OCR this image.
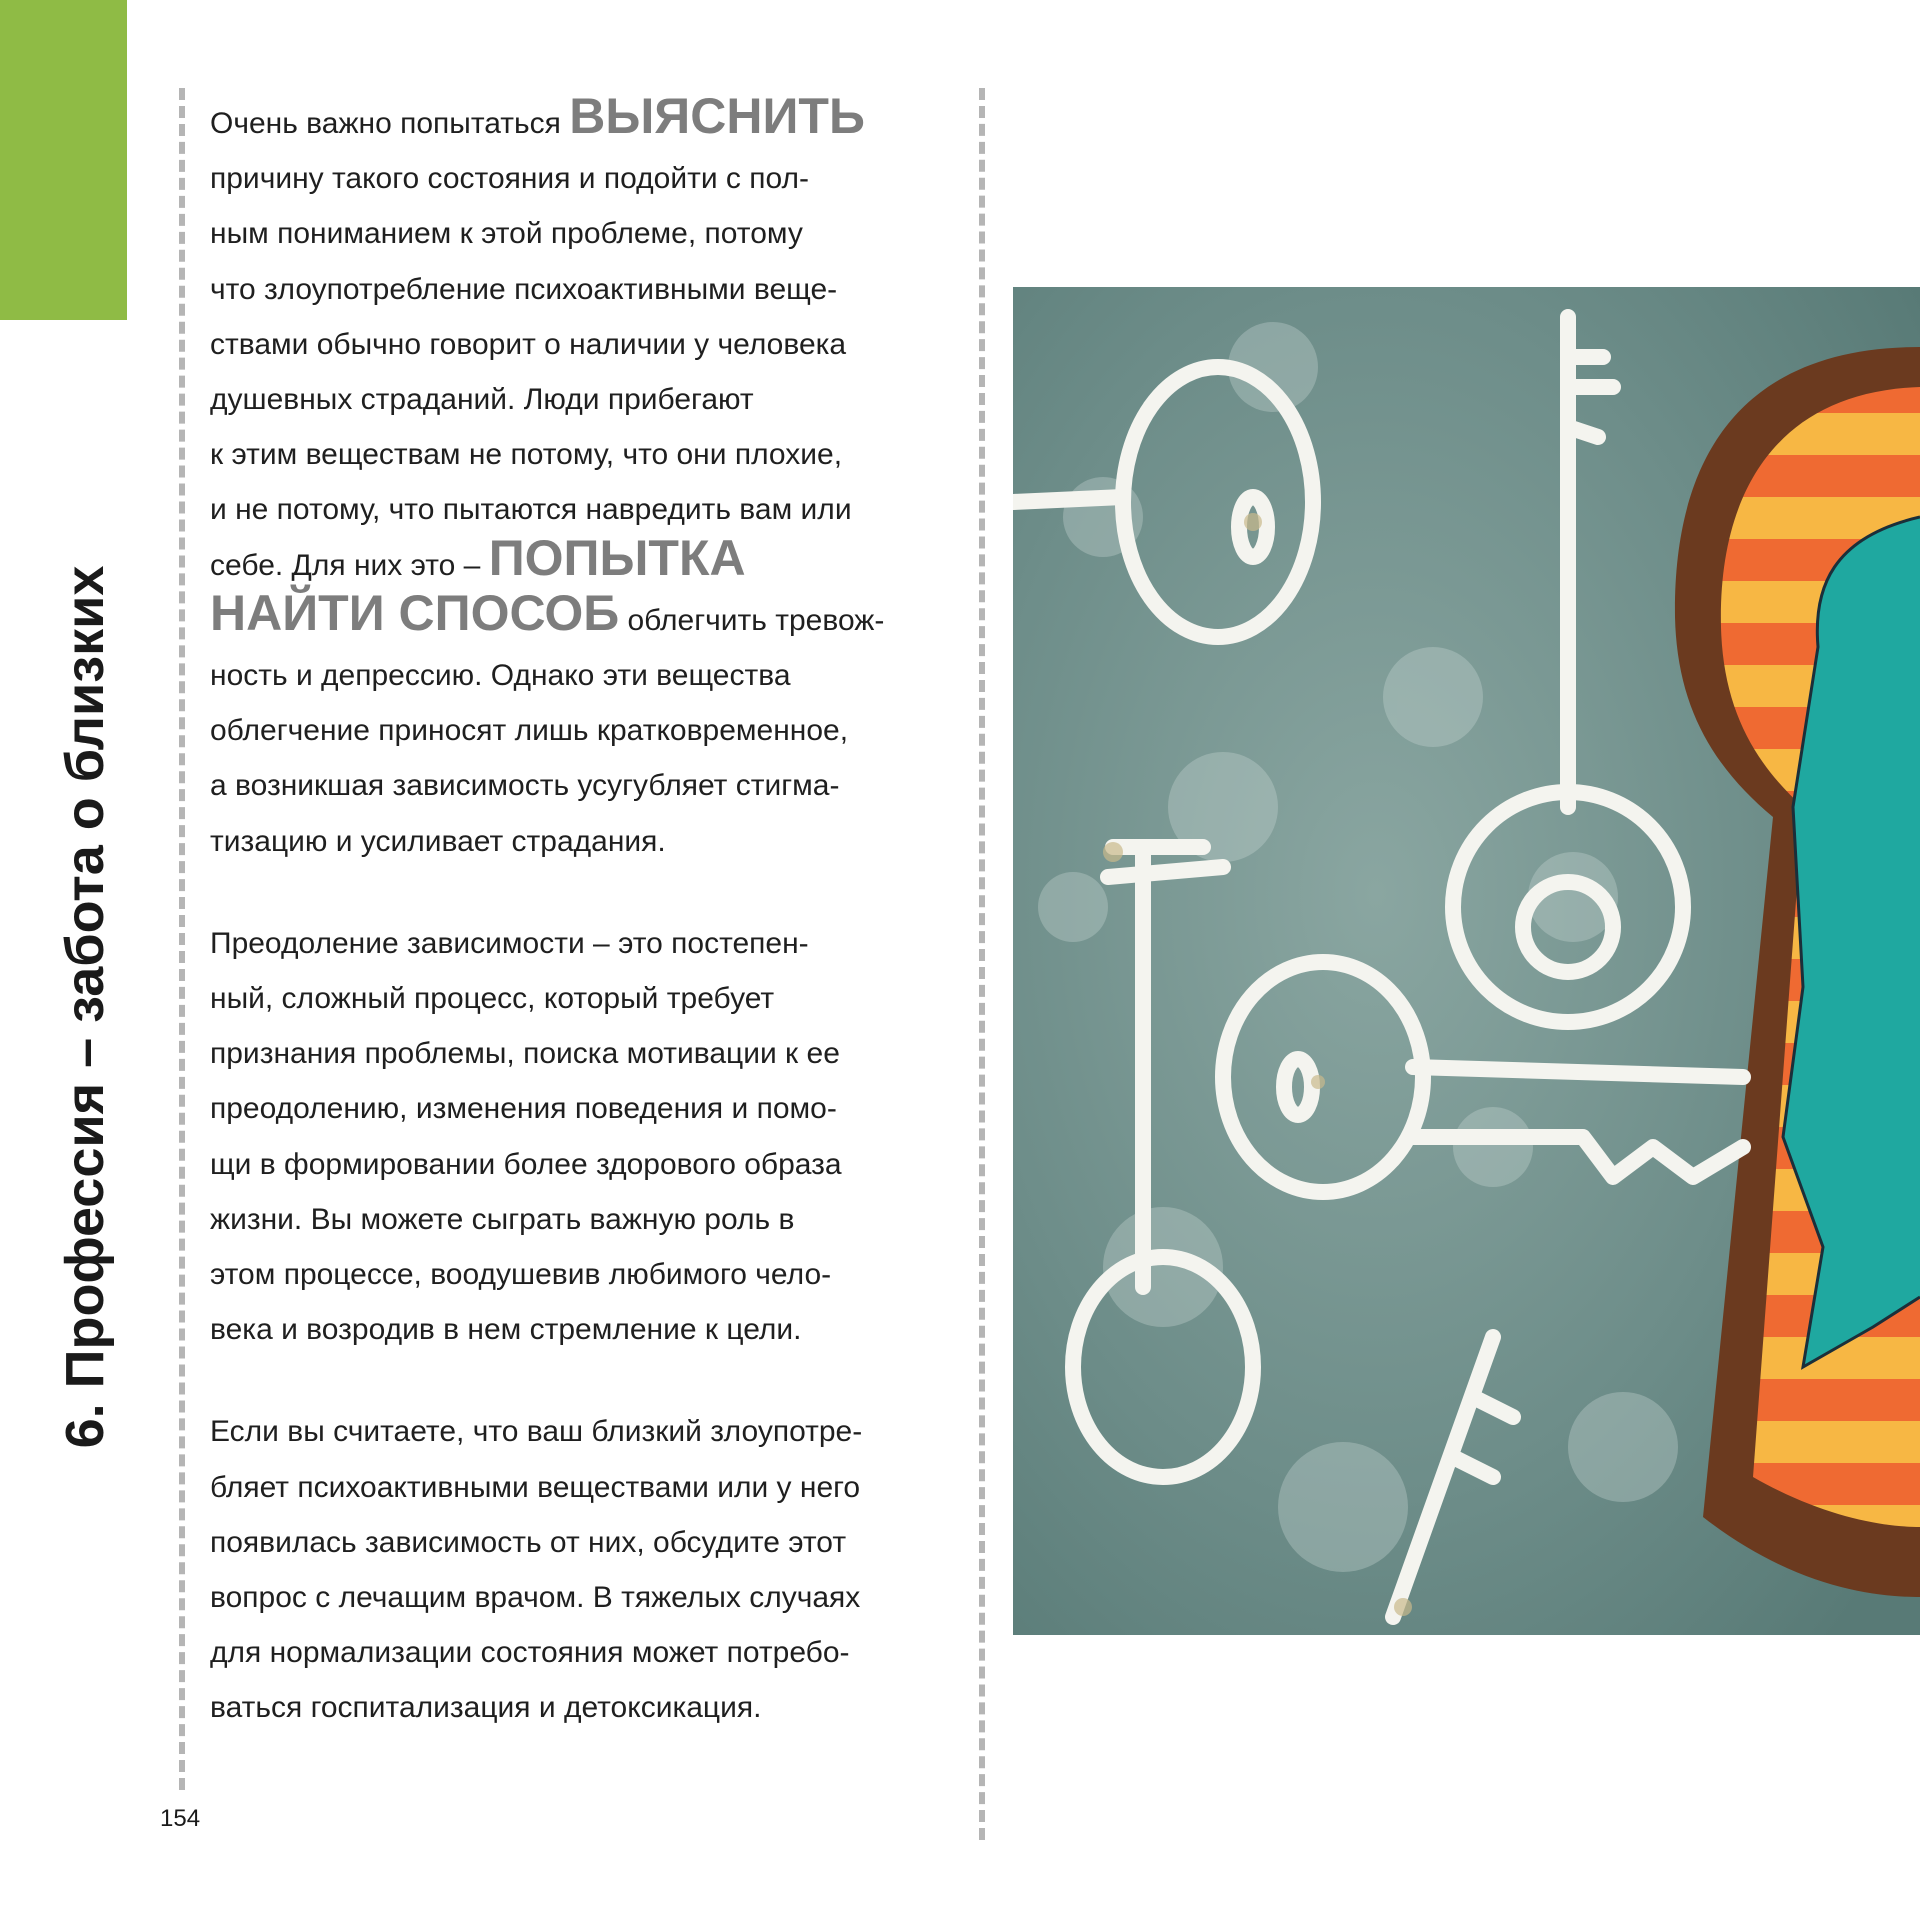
6. Профессия – забота о близких

Очень важно попытаться ВЫЯСНИТЬ
причину такого состояния и подойти с пол-
ным пониманием к этой проблеме, потому
что злоупотребление психоактивными веще-
ствами обычно говорит о наличии у человека
душевных страданий. Люди прибегают
к этим веществам не потому, что они плохие,
и не потому, что пытаются навредить вам или
себе. Для них это – ПОПЫТКА
НАЙТИ СПОСОБ облегчить тревож-
ность и депрессию. Однако эти вещества
облегчение приносят лишь кратковременное,
а возникшая зависимость усугубляет стигма-
тизацию и усиливает страдания.

Преодоление зависимости – это постепен-
ный, сложный процесс, который требует
признания проблемы, поиска мотивации к ее
преодолению, изменения поведения и помо-
щи в формировании более здорового образа
жизни. Вы можете сыграть важную роль в
этом процессе, воодушевив любимого чело-
века и возродив в нем стремление к цели.

Если вы считаете, что ваш близкий злоупотре-
бляет психоактивными веществами или у него
появилась зависимость от них, обсудите этот
вопрос с лечащим врачом. В тяжелых случаях
для нормализации состояния может потребо-
ваться госпитализация и детоксикация.

154
